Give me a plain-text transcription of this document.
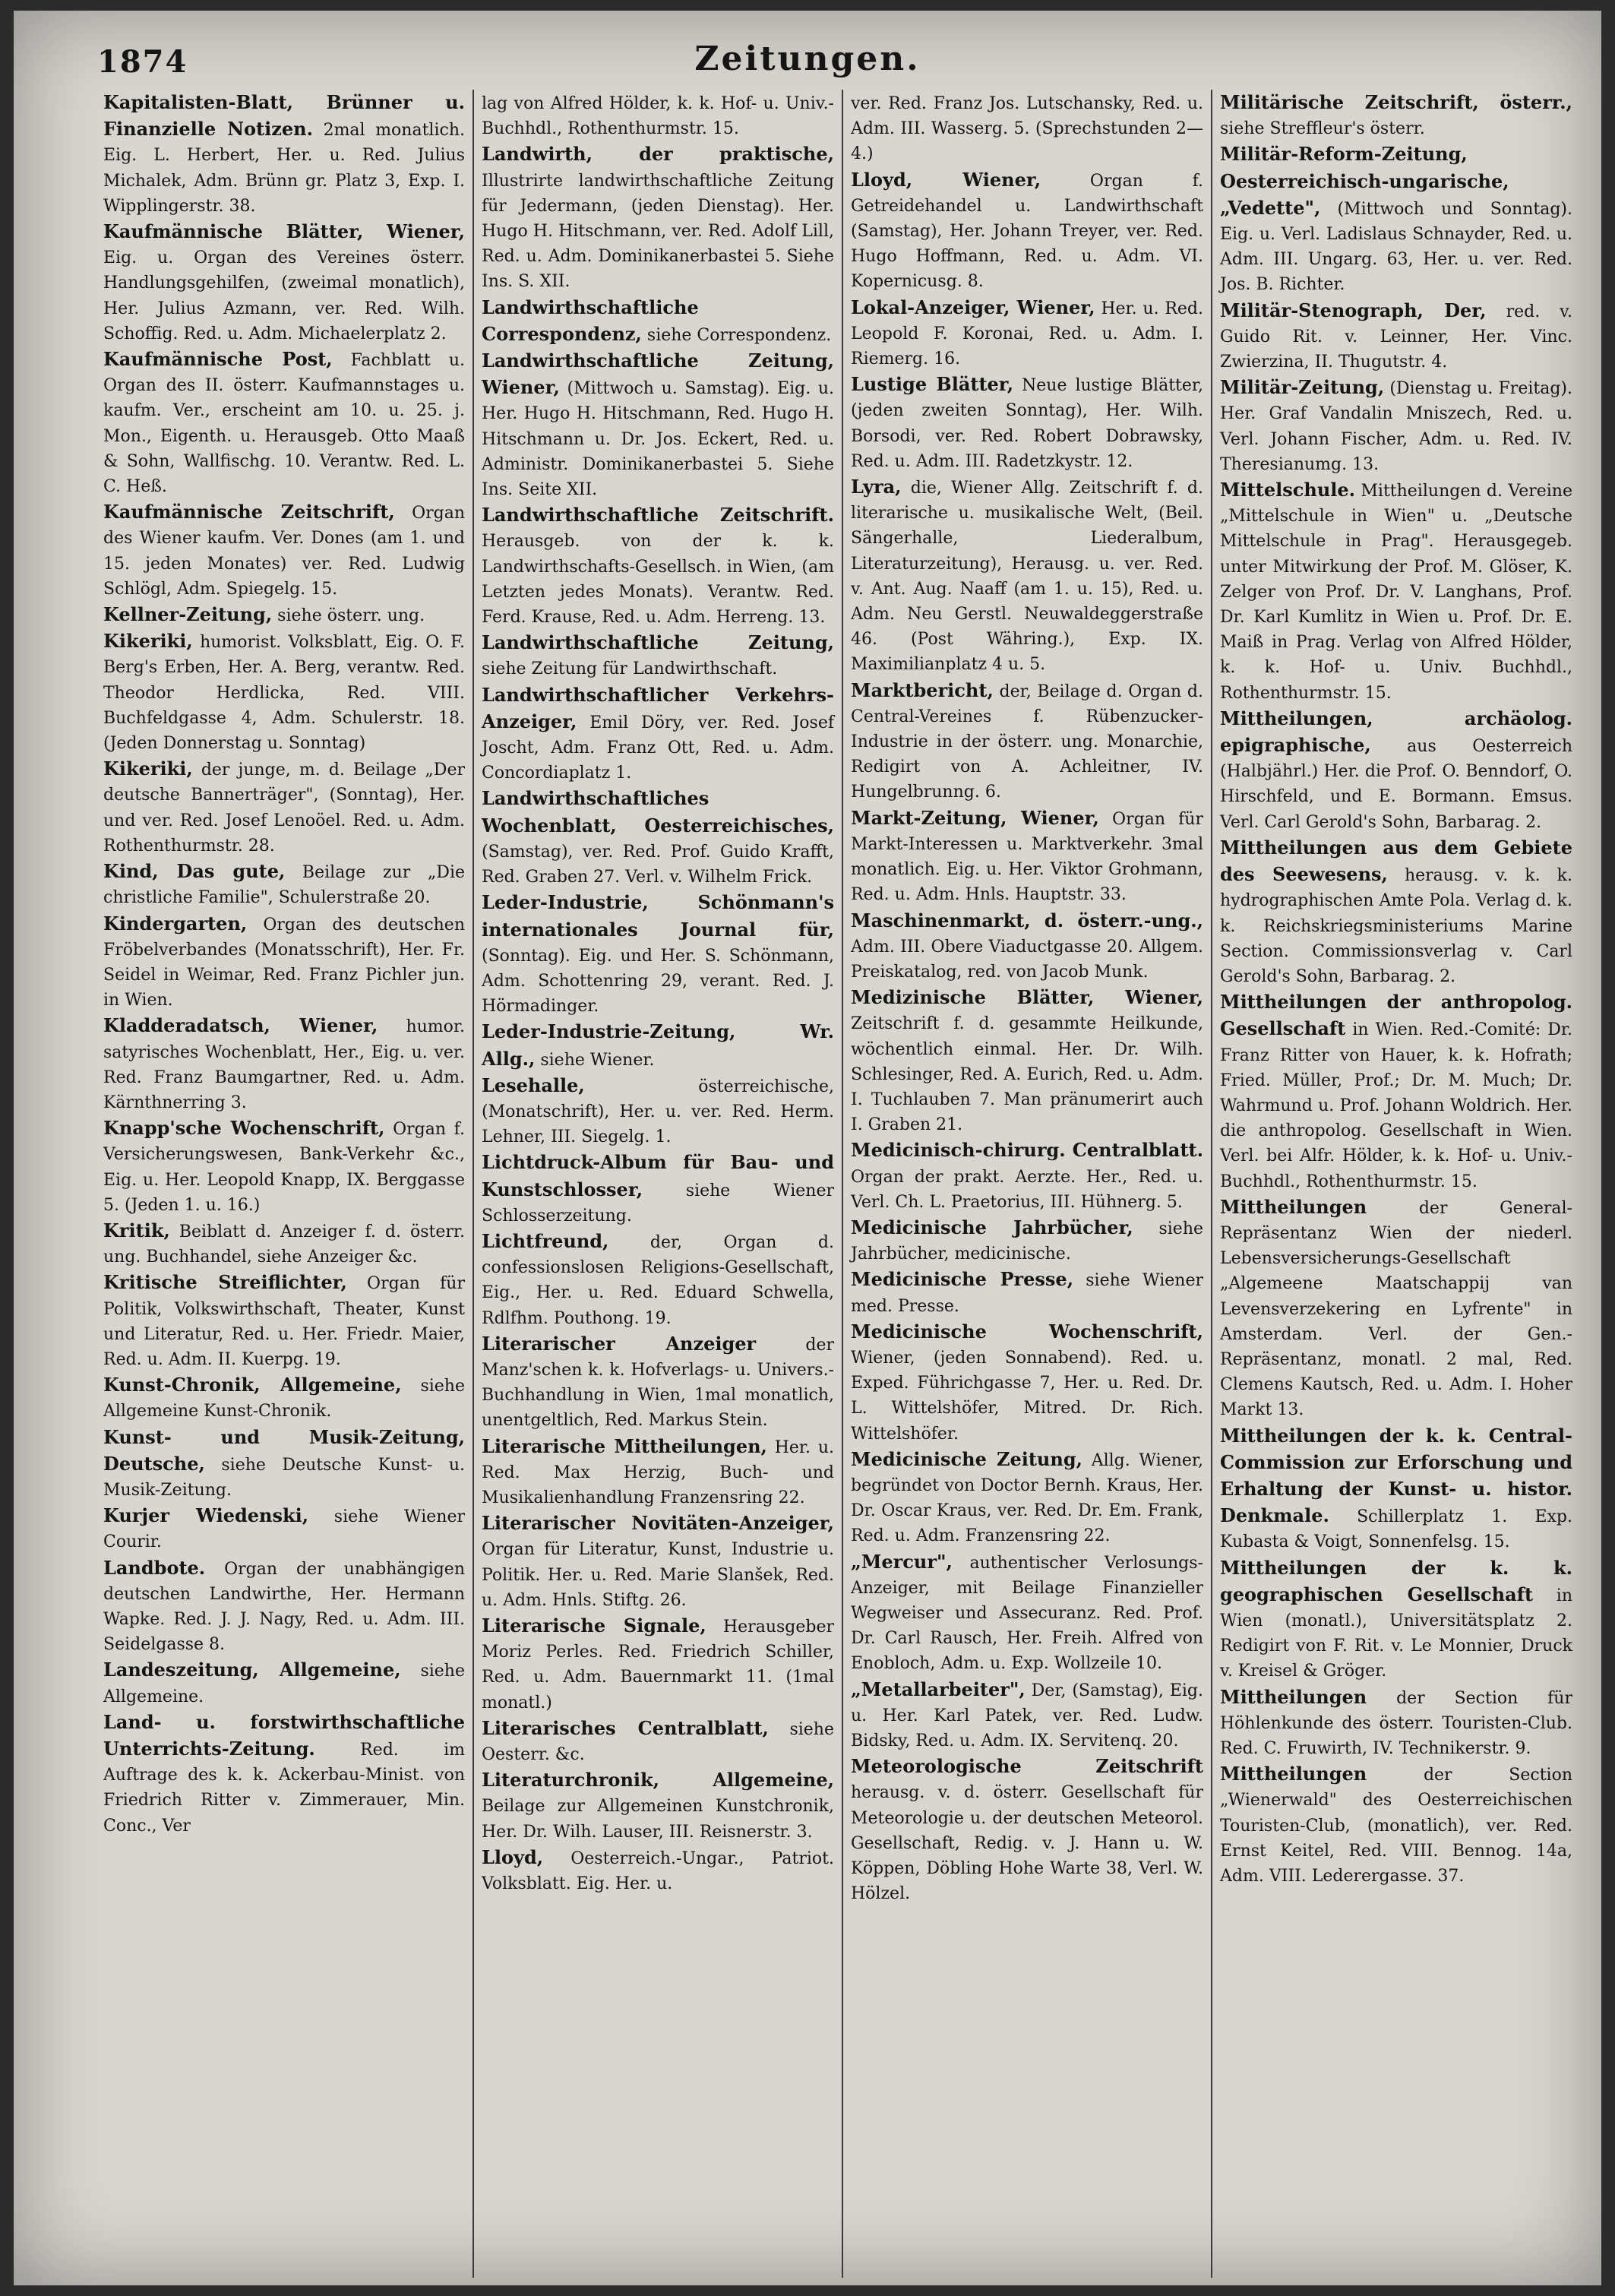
1874	Zeitungen.

Kapitalisten-Blatt, Brünner u. Finanzielle Notizen. 2mal monatlich. Eig. L. Herbert, Her. u. Red. Julius Michalek, Adm. Brünn gr. Platz 3, Exp. I. Wipplingerstr. 38.

Kaufmännische Blätter, Wiener, Eig. u. Organ des Vereines österr. Handlungsgehilfen, (zweimal monatlich), Her. Julius Azmann, ver. Red. Wilh. Schoffig. Red. u. Adm. Michaelerplatz 2.

Kaufmännische Post, Fachblatt u. Organ des II. österr. Kaufmannstages u. kaufm. Ver., erscheint am 10. u. 25. j. Mon., Eigenth. u. Herausgeb. Otto Maaß & Sohn, Wallfischg. 10. Verantw. Red. L. C. Heß.

Kaufmännische Zeitschrift, Organ des Wiener kaufm. Ver. Dones (am 1. und 15. jeden Monates) ver. Red. Ludwig Schlögl, Adm. Spiegelg. 15.

Kellner-Zeitung, siehe österr. ung.

Kikeriki, humorist. Volksblatt, Eig. O. F. Berg's Erben, Her. A. Berg, verantw. Red. Theodor Herdlicka, Red. VIII. Buchfeldgasse 4, Adm. Schulerstr. 18. (Jeden Donnerstag u. Sonntag)

Kikeriki, der junge, m. d. Beilage „Der deutsche Bannerträger", (Sonntag), Her. und ver. Red. Josef Lenoöel. Red. u. Adm. Rothenthurmstr. 28.

Kind, Das gute, Beilage zur „Die christliche Familie", Schulerstraße 20.

Kindergarten, Organ des deutschen Fröbelverbandes (Monatsschrift), Her. Fr. Seidel in Weimar, Red. Franz Pichler jun. in Wien.

Kladderadatsch, Wiener, humor. satyrisches Wochenblatt, Her., Eig. u. ver. Red. Franz Baumgartner, Red. u. Adm. Kärnthnerring 3.

Knapp'sche Wochenschrift, Organ f. Versicherungswesen, Bank-Verkehr &c., Eig. u. Her. Leopold Knapp, IX. Berggasse 5. (Jeden 1. u. 16.)

Kritik, Beiblatt d. Anzeiger f. d. österr. ung. Buchhandel, siehe Anzeiger &c.

Kritische Streiflichter, Organ für Politik, Volkswirthschaft, Theater, Kunst und Literatur, Red. u. Her. Friedr. Maier, Red. u. Adm. II. Kuerpg. 19.

Kunst-Chronik, Allgemeine, siehe Allgemeine Kunst-Chronik.

Kunst- und Musik-Zeitung, Deutsche, siehe Deutsche Kunst- u. Musik-Zeitung.

Kurjer Wiedenski, siehe Wiener Courir.

Landbote. Organ der unabhängigen deutschen Landwirthe, Her. Hermann Wapke. Red. J. J. Nagy, Red. u. Adm. III. Seidelgasse 8.

Landeszeitung, Allgemeine, siehe Allgemeine.

Land- u. forstwirthschaftliche Unterrichts-Zeitung. Red. im Auftrage des k. k. Ackerbau-Minist. von Friedrich Ritter v. Zimmerauer, Min. Conc., Ver

lag von Alfred Hölder, k. k. Hof- u. Univ.-Buchhdl., Rothenthurmstr. 15.

Landwirth, der praktische, Illustrirte landwirthschaftliche Zeitung für Jedermann, (jeden Dienstag). Her. Hugo H. Hitschmann, ver. Red. Adolf Lill, Red. u. Adm. Dominikanerbastei 5. Siehe Ins. S. XII.

Landwirthschaftliche Correspondenz, siehe Correspondenz.

Landwirthschaftliche Zeitung, Wiener, (Mittwoch u. Samstag). Eig. u. Her. Hugo H. Hitschmann, Red. Hugo H. Hitschmann u. Dr. Jos. Eckert, Red. u. Administr. Dominikanerbastei 5. Siehe Ins. Seite XII.

Landwirthschaftliche Zeitschrift. Herausgeb. von der k. k. Landwirthschafts-Gesellsch. in Wien, (am Letzten jedes Monats). Verantw. Red. Ferd. Krause, Red. u. Adm. Herreng. 13.

Landwirthschaftliche Zeitung, siehe Zeitung für Landwirthschaft.

Landwirthschaftlicher Verkehrs-Anzeiger, Emil Döry, ver. Red. Josef Joscht, Adm. Franz Ott, Red. u. Adm. Concordiaplatz 1.

Landwirthschaftliches Wochenblatt, Oesterreichisches, (Samstag), ver. Red. Prof. Guido Krafft, Red. Graben 27. Verl. v. Wilhelm Frick.

Leder-Industrie, Schönmann's internationales Journal für, (Sonntag). Eig. und Her. S. Schönmann, Adm. Schottenring 29, verant. Red. J. Hörmadinger.

Leder-Industrie-Zeitung, Wr. Allg., siehe Wiener.

Lesehalle, österreichische, (Monatschrift), Her. u. ver. Red. Herm. Lehner, III. Siegelg. 1.

Lichtdruck-Album für Bau- und Kunstschlosser, siehe Wiener Schlosserzeitung.

Lichtfreund, der, Organ d. confessionslosen Religions-Gesellschaft, Eig., Her. u. Red. Eduard Schwella, Rdlfhm. Pouthong. 19.

Literarischer Anzeiger der Manz'schen k. k. Hofverlags- u. Univers.-Buchhandlung in Wien, 1mal monatlich, unentgeltlich, Red. Markus Stein.

Literarische Mittheilungen, Her. u. Red. Max Herzig, Buch- und Musikalienhandlung Franzensring 22.

Literarischer Novitäten-Anzeiger, Organ für Literatur, Kunst, Industrie u. Politik. Her. u. Red. Marie Slanšek, Red. u. Adm. Hnls. Stiftg. 26.

Literarische Signale, Herausgeber Moriz Perles. Red. Friedrich Schiller, Red. u. Adm. Bauernmarkt 11. (1mal monatl.)

Literarisches Centralblatt, siehe Oesterr. &c.

Literaturchronik, Allgemeine, Beilage zur Allgemeinen Kunstchronik, Her. Dr. Wilh. Lauser, III. Reisnerstr. 3.

Lloyd, Oesterreich.-Ungar., Patriot. Volksblatt. Eig. Her. u.

ver. Red. Franz Jos. Lutschansky, Red. u. Adm. III. Wasserg. 5. (Sprechstunden 2—4.)

Lloyd, Wiener, Organ f. Getreidehandel u. Landwirthschaft (Samstag), Her. Johann Treyer, ver. Red. Hugo Hoffmann, Red. u. Adm. VI. Kopernicusg. 8.

Lokal-Anzeiger, Wiener, Her. u. Red. Leopold F. Koronai, Red. u. Adm. I. Riemerg. 16.

Lustige Blätter, Neue lustige Blätter, (jeden zweiten Sonntag), Her. Wilh. Borsodi, ver. Red. Robert Dobrawsky, Red. u. Adm. III. Radetzkystr. 12.

Lyra, die, Wiener Allg. Zeitschrift f. d. literarische u. musikalische Welt, (Beil. Sängerhalle, Liederalbum, Literaturzeitung), Herausg. u. ver. Red. v. Ant. Aug. Naaff (am 1. u. 15), Red. u. Adm. Neu Gerstl. Neuwaldeggerstraße 46. (Post Währing.), Exp. IX. Maximilianplatz 4 u. 5.

Marktbericht, der, Beilage d. Organ d. Central-Vereines f. Rübenzucker-Industrie in der österr. ung. Monarchie, Redigirt von A. Achleitner, IV. Hungelbrunng. 6.

Markt-Zeitung, Wiener, Organ für Markt-Interessen u. Marktverkehr. 3mal monatlich. Eig. u. Her. Viktor Grohmann, Red. u. Adm. Hnls. Hauptstr. 33.

Maschinenmarkt, d. österr.-ung., Adm. III. Obere Viaductgasse 20. Allgem. Preiskatalog, red. von Jacob Munk.

Medizinische Blätter, Wiener, Zeitschrift f. d. gesammte Heilkunde, wöchentlich einmal. Her. Dr. Wilh. Schlesinger, Red. A. Eurich, Red. u. Adm. I. Tuchlauben 7. Man pränumerirt auch I. Graben 21.

Medicinisch-chirurg. Centralblatt. Organ der prakt. Aerzte. Her., Red. u. Verl. Ch. L. Praetorius, III. Hühnerg. 5.

Medicinische Jahrbücher, siehe Jahrbücher, medicinische.

Medicinische Presse, siehe Wiener med. Presse.

Medicinische Wochenschrift, Wiener, (jeden Sonnabend). Red. u. Exped. Führichgasse 7, Her. u. Red. Dr. L. Wittelshöfer, Mitred. Dr. Rich. Wittelshöfer.

Medicinische Zeitung, Allg. Wiener, begründet von Doctor Bernh. Kraus, Her. Dr. Oscar Kraus, ver. Red. Dr. Em. Frank, Red. u. Adm. Franzensring 22.

„Mercur", authentischer Verlosungs-Anzeiger, mit Beilage Finanzieller Wegweiser und Assecuranz. Red. Prof. Dr. Carl Rausch, Her. Freih. Alfred von Enobloch, Adm. u. Exp. Wollzeile 10.

„Metallarbeiter", Der, (Samstag), Eig. u. Her. Karl Patek, ver. Red. Ludw. Bidsky, Red. u. Adm. IX. Servitenq. 20.

Meteorologische Zeitschrift herausg. v. d. österr. Gesellschaft für Meteorologie u. der deutschen Meteorol. Gesellschaft, Redig. v. J. Hann u. W. Köppen, Döbling Hohe Warte 38, Verl. W. Hölzel.

Militärische Zeitschrift, österr., siehe Streffleur's österr.

Militär-Reform-Zeitung, Oesterreichisch-ungarische, „Vedette", (Mittwoch und Sonntag). Eig. u. Verl. Ladislaus Schnayder, Red. u. Adm. III. Ungarg. 63, Her. u. ver. Red. Jos. B. Richter.

Militär-Stenograph, Der, red. v. Guido Rit. v. Leinner, Her. Vinc. Zwierzina, II. Thugutstr. 4.

Militär-Zeitung, (Dienstag u. Freitag). Her. Graf Vandalin Mniszech, Red. u. Verl. Johann Fischer, Adm. u. Red. IV. Theresianumg. 13.

Mittelschule. Mittheilungen d. Vereine „Mittelschule in Wien" u. „Deutsche Mittelschule in Prag". Herausgegeb. unter Mitwirkung der Prof. M. Glöser, K. Zelger von Prof. Dr. V. Langhans, Prof. Dr. Karl Kumlitz in Wien u. Prof. Dr. E. Maiß in Prag. Verlag von Alfred Hölder, k. k. Hof- u. Univ. Buchhdl., Rothenthurmstr. 15.

Mittheilungen, archäolog. epigraphische, aus Oesterreich (Halbjährl.) Her. die Prof. O. Benndorf, O. Hirschfeld, und E. Bormann. Emsus. Verl. Carl Gerold's Sohn, Barbarag. 2.

Mittheilungen aus dem Gebiete des Seewesens, herausg. v. k. k. hydrographischen Amte Pola. Verlag d. k. k. Reichskriegsministeriums Marine Section. Commissionsverlag v. Carl Gerold's Sohn, Barbarag. 2.

Mittheilungen der anthropolog. Gesellschaft in Wien. Red.-Comité: Dr. Franz Ritter von Hauer, k. k. Hofrath; Fried. Müller, Prof.; Dr. M. Much; Dr. Wahrmund u. Prof. Johann Woldrich. Her. die anthropolog. Gesellschaft in Wien. Verl. bei Alfr. Hölder, k. k. Hof- u. Univ.-Buchhdl., Rothenthurmstr. 15.

Mittheilungen der General-Repräsentanz Wien der niederl. Lebensversicherungs-Gesellschaft „Algemeene Maatschappij van Levensverzekering en Lyfrente" in Amsterdam. Verl. der Gen.-Repräsentanz, monatl. 2 mal, Red. Clemens Kautsch, Red. u. Adm. I. Hoher Markt 13.

Mittheilungen der k. k. Central-Commission zur Erforschung und Erhaltung der Kunst- u. histor. Denkmale. Schillerplatz 1. Exp. Kubasta & Voigt, Sonnenfelsg. 15.

Mittheilungen der k. k. geographischen Gesellschaft in Wien (monatl.), Universitätsplatz 2. Redigirt von F. Rit. v. Le Monnier, Druck v. Kreisel & Gröger.

Mittheilungen der Section für Höhlenkunde des österr. Touristen-Club. Red. C. Fruwirth, IV. Technikerstr. 9.

Mittheilungen der Section „Wienerwald" des Oesterreichischen Touristen-Club, (monatlich), ver. Red. Ernst Keitel, Red. VIII. Bennog. 14a, Adm. VIII. Lederergasse. 37.
